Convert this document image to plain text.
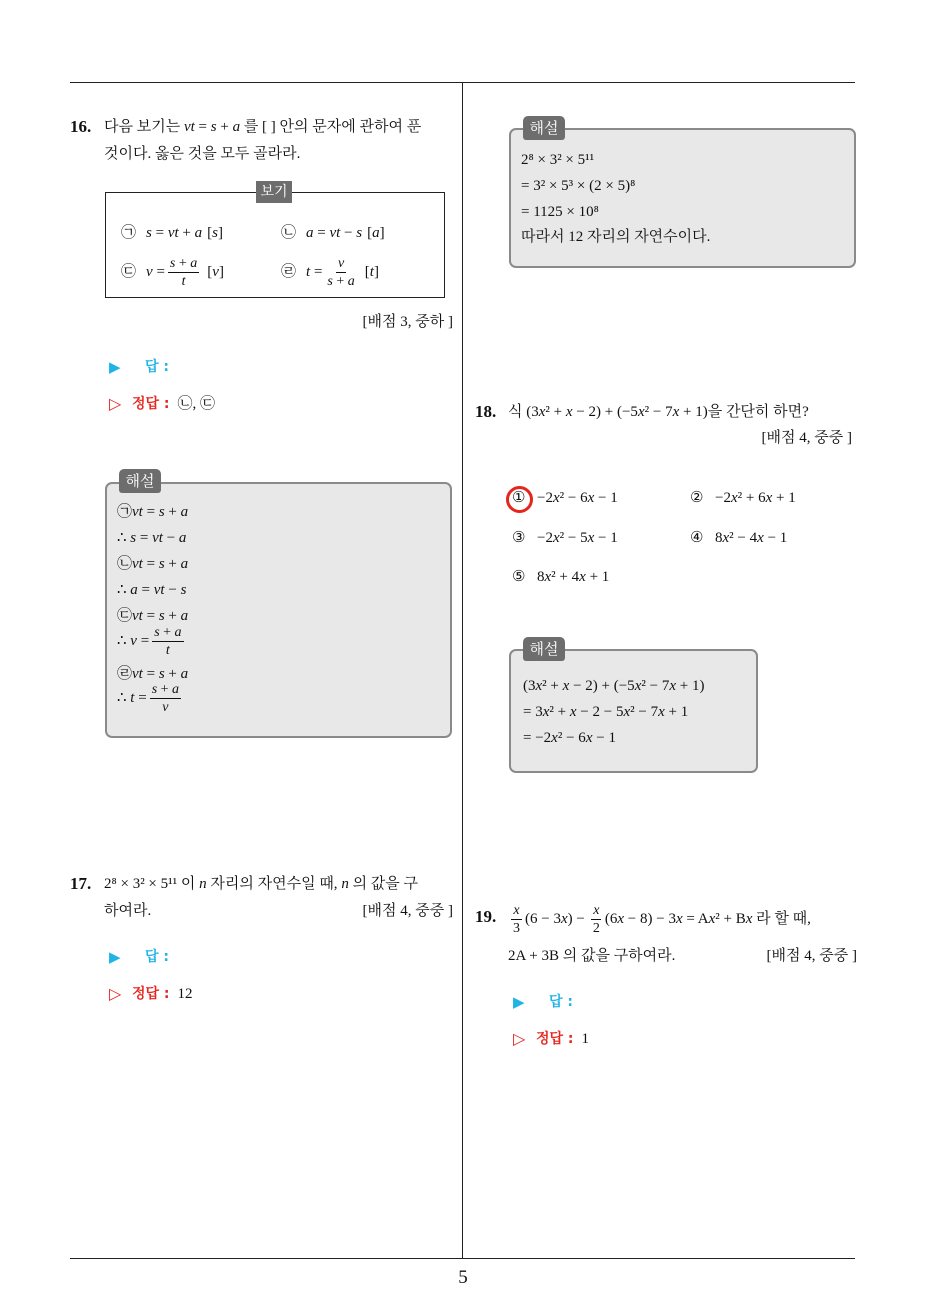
5
16. 다음 보기는 vt = s + a 를 [ ] 안의 문자에 관하여 푼
것이다. 옳은 것을 모두 골라라.
보기
㉠ s = vt + a [s]	㉡ a = vt − s [a]
㉢ $v = \frac{s + a}{t} [v]$	㉣ $t = \frac{v}{s + a} [t]$
[배점 3, 중하 ]
▶	답 :
▷ 정답 : ㉡, ㉢
해설
㉠vt = s + a
∴ s = vt − a
㉡vt = s + a
∴ a = vt − s
㉢vt = s + a
∴ $v = \frac{s + a}{t}$
㉣vt = s + a
∴ $t = \frac{s + a}{v}$
17. 2⁸ × 3² × 5¹¹ 이 n 자리의 자연수일 때, n 의 값을 구
하여라.	[배점 4, 중중 ]
▶	답 :
▷ 정답 : 12
해설
2⁸ × 3² × 5¹¹
= 3² × 5³ × (2 × 5)⁸
= 1125 × 10⁸
따라서 12 자리의 자연수이다.
18. 식 (3x² + x − 2) + (−5x² − 7x + 1)을 간단히 하면?
[배점 4, 중중 ]
① −2x² − 6x − 1	② −2x² + 6x + 1
③ −2x² − 5x − 1	④ 8x² − 4x − 1
⑤ 8x² + 4x + 1
해설
(3x² + x − 2) + (−5x² − 7x + 1)
= 3x² + x − 2 − 5x² − 7x + 1
= −2x² − 6x − 1
19. $\frac{x}{3} (6 - 3x) - \frac{x}{2} (6x - 8) - 3x = Ax^2 + Bx$ 라 할 때,
2A + 3B 의 값을 구하여라.	[배점 4, 중중 ]
▶	답 :
▷ 정답 : 1
